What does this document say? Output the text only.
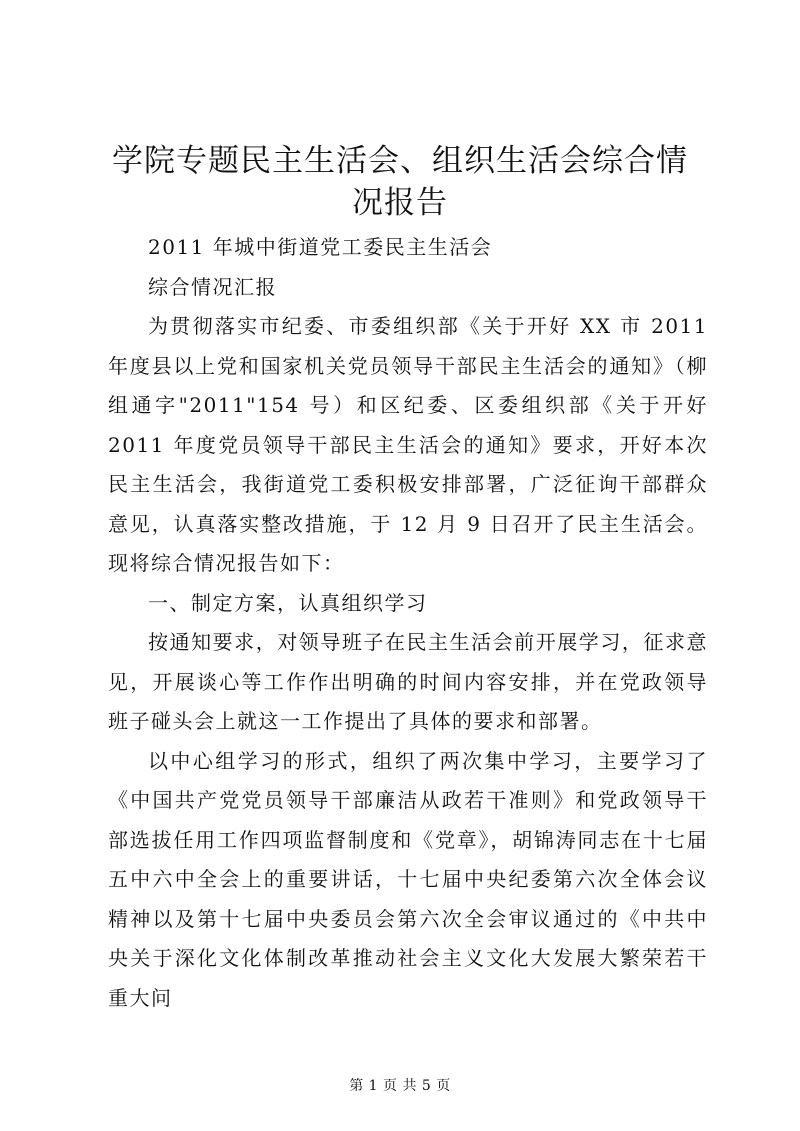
学院专题民主生活会、组织生活会综合情况报告

2011 年城中街道党工委民主生活会

综合情况汇报

为贯彻落实市纪委、市委组织部《关于开好 XX 市 2011 年度县以上党和国家机关党员领导干部民主生活会的通知》（柳组通字"2011"154 号）和区纪委、区委组织部《关于开好 2011 年度党员领导干部民主生活会的通知》要求，开好本次民主生活会，我街道党工委积极安排部署，广泛征询干部群众意见，认真落实整改措施，于 12 月 9 日召开了民主生活会。现将综合情况报告如下：

一、制定方案，认真组织学习

按通知要求，对领导班子在民主生活会前开展学习，征求意见，开展谈心等工作作出明确的时间内容安排，并在党政领导班子碰头会上就这一工作提出了具体的要求和部署。

以中心组学习的形式，组织了两次集中学习，主要学习了《中国共产党党员领导干部廉洁从政若干准则》和党政领导干部选拔任用工作四项监督制度和《党章》，胡锦涛同志在十七届五中六中全会上的重要讲话，十七届中央纪委第六次全体会议精神以及第十七届中央委员会第六次全会审议通过的《中共中央关于深化文化体制改革推动社会主义文化大发展大繁荣若干重大问

第 1 页 共 5 页
